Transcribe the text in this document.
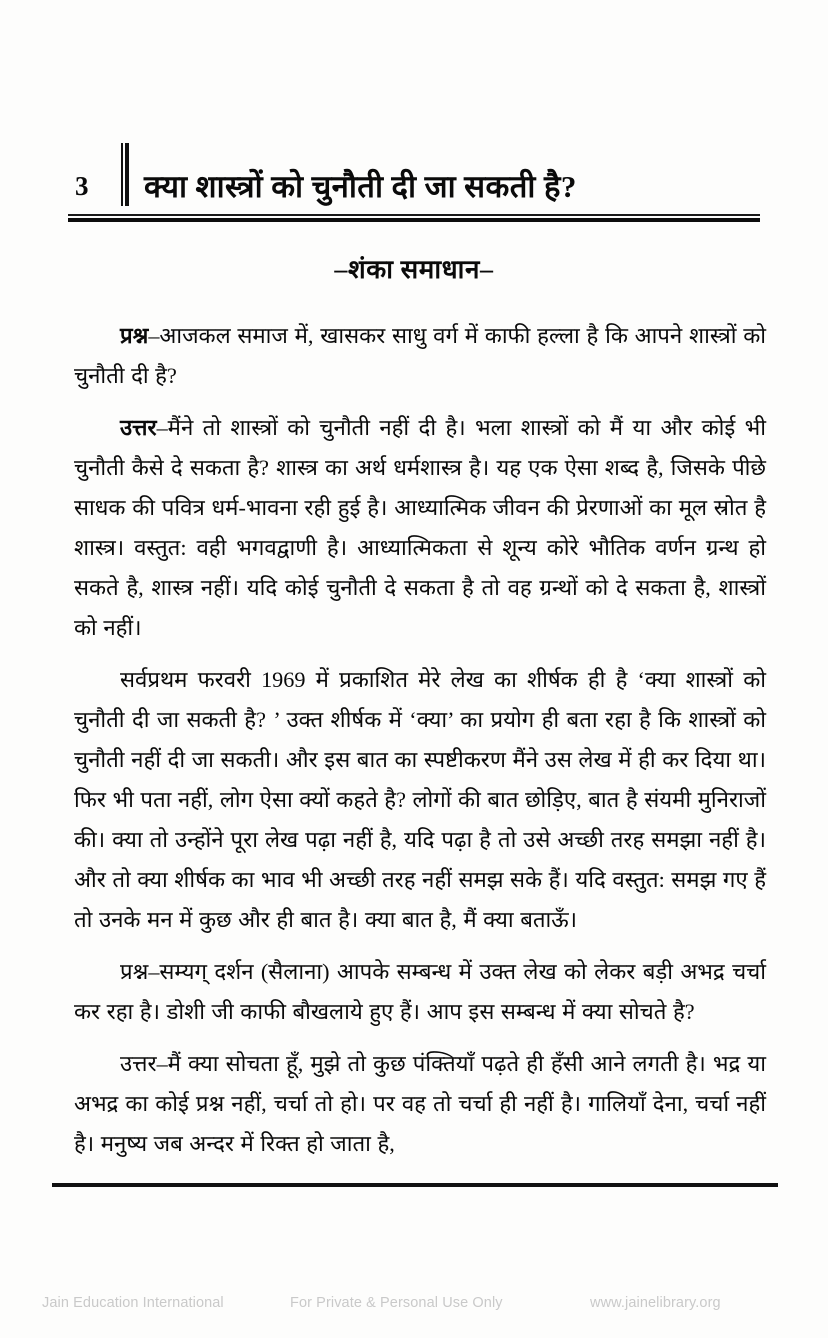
3	क्या शास्त्रों को चुनौती दी जा सकती है?
–शंका समाधान–

प्रश्न–आजकल समाज में, खासकर साधु वर्ग में काफी हल्ला है कि आपने शास्त्रों को चुनौती दी है?

उत्तर–मैंने तो शास्त्रों को चुनौती नहीं दी है। भला शास्त्रों को मैं या और कोई भी चुनौती कैसे दे सकता है? शास्त्र का अर्थ धर्मशास्त्र है। यह एक ऐसा शब्द है, जिसके पीछे साधक की पवित्र धर्म-भावना रही हुई है। आध्यात्मिक जीवन की प्रेरणाओं का मूल स्रोत है शास्त्र। वस्तुत: वही भगवद्वाणी है। आध्यात्मिकता से शून्य कोरे भौतिक वर्णन ग्रन्थ हो सकते है, शास्त्र नहीं। यदि कोई चुनौती दे सकता है तो वह ग्रन्थों को दे सकता है, शास्त्रों को नहीं।

सर्वप्रथम फरवरी 1969 में प्रकाशित मेरे लेख का शीर्षक ही है ‘क्या शास्त्रों को चुनौती दी जा सकती है? ’ उक्त शीर्षक में ‘क्या’ का प्रयोग ही बता रहा है कि शास्त्रों को चुनौती नहीं दी जा सकती। और इस बात का स्पष्टीकरण मैंने उस लेख में ही कर दिया था। फिर भी पता नहीं, लोग ऐसा क्यों कहते है? लोगों की बात छोड़िए, बात है संयमी मुनिराजों की। क्या तो उन्होंने पूरा लेख पढ़ा नहीं है, यदि पढ़ा है तो उसे अच्छी तरह समझा नहीं है। और तो क्या शीर्षक का भाव भी अच्छी तरह नहीं समझ सके हैं। यदि वस्तुत: समझ गए हैं तो उनके मन में कुछ और ही बात है। क्या बात है, मैं क्या बताऊँ।

प्रश्न–सम्यग् दर्शन (सैलाना) आपके सम्बन्ध में उक्त लेख को लेकर बड़ी अभद्र चर्चा कर रहा है। डोशी जी काफी बौखलाये हुए हैं। आप इस सम्बन्ध में क्या सोचते है?

उत्तर–मैं क्या सोचता हूँ, मुझे तो कुछ पंक्तियाँ पढ़ते ही हँसी आने लगती है। भद्र या अभद्र का कोई प्रश्न नहीं, चर्चा तो हो। पर वह तो चर्चा ही नहीं है। गालियाँ देना, चर्चा नहीं है। मनुष्य जब अन्दर में रिक्त हो जाता है,

Jain Education International	For Private & Personal Use Only	www.jainelibrary.org
